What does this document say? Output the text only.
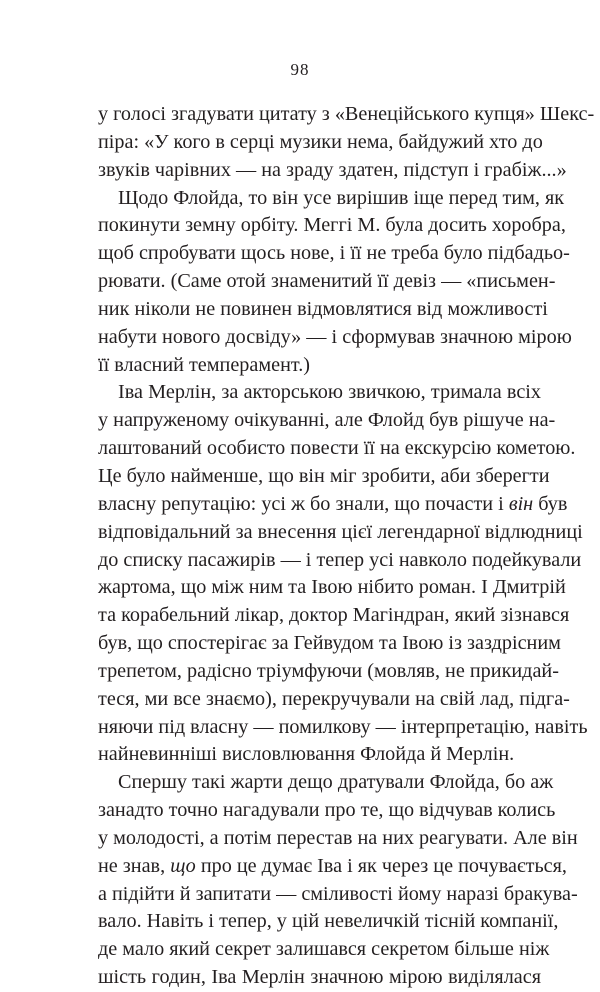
98
у голосі згадувати цитату з «Венеційського купця» Шекс-
піра: «У кого в серці музики нема, байдужий хто до
звуків чарівних — на зраду здатен, підступ і грабіж...»
Щодо Флойда, то він усе вирішив іще перед тим, як
покинути земну орбіту. Меггі М. була досить хоробра,
щоб спробувати щось нове, і її не треба було підбадьо-
рювати. (Саме отой знаменитий її девіз — «письмен-
ник ніколи не повинен відмовлятися від можливості
набути нового досвіду» — і сформував значною мірою
її власний темперамент.)
Іва Мерлін, за акторською звичкою, тримала всіх
у напруженому очікуванні, але Флойд був рішуче на-
лаштований особисто повести її на екскурсію кометою.
Це було найменше, що він міг зробити, аби зберегти
власну репутацію: усі ж бо знали, що почасти і він був
відповідальний за внесення цієї легендарної відлюдниці
до списку пасажирів — і тепер усі навколо подейкували
жартома, що між ним та Івою нібито роман. І Дмитрій
та корабельний лікар, доктор Магіндран, який зізнався
був, що спостерігає за Гейвудом та Івою із заздрісним
трепетом, радісно тріумфуючи (мовляв, не прикидай-
теся, ми все знаємо), перекручували на свій лад, підга-
няючи під власну — помилкову — інтерпретацію, навіть
найневинніші висловлювання Флойда й Мерлін.
Спершу такі жарти дещо дратували Флойда, бо аж
занадто точно нагадували про те, що відчував колись
у молодості, а потім перестав на них реагувати. Але він
не знав, що про це думає Іва і як через це почувається,
а підійти й запитати — сміливості йому наразі бракува-
вало. Навіть і тепер, у цій невеличкій тісній компанії,
де мало який секрет залишався секретом більше ніж
шість годин, Іва Мерлін значною мірою виділялася
